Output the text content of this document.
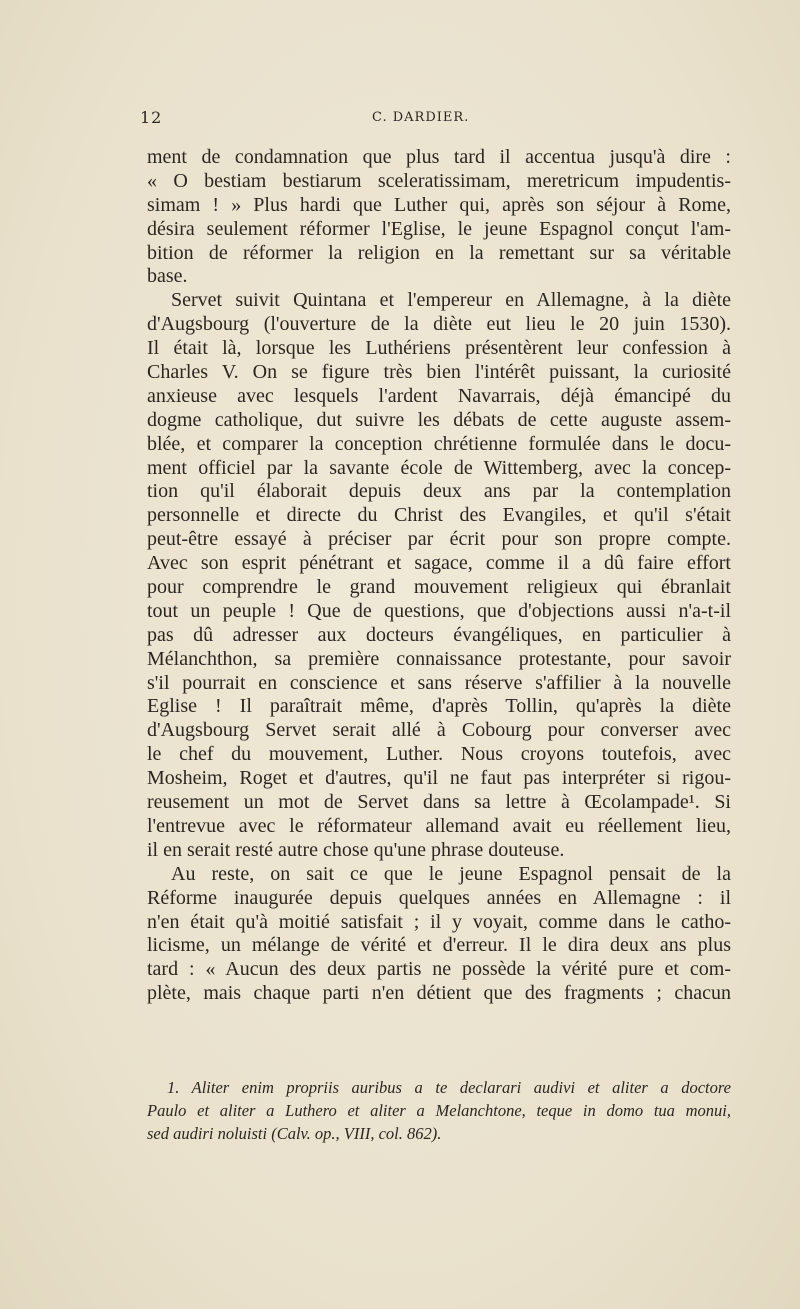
12	C. DARDIER.
ment de condamnation que plus tard il accentua jusqu'à dire :
« O bestiam bestiarum sceleratissimam, meretricum impudentis-
simam ! » Plus hardi que Luther qui, après son séjour à Rome,
désira seulement réformer l'Eglise, le jeune Espagnol conçut l'am-
bition de réformer la religion en la remettant sur sa véritable
base.
Servet suivit Quintana et l'empereur en Allemagne, à la diète
d'Augsbourg (l'ouverture de la diète eut lieu le 20 juin 1530).
Il était là, lorsque les Luthériens présentèrent leur confession à
Charles V. On se figure très bien l'intérêt puissant, la curiosité
anxieuse avec lesquels l'ardent Navarrais, déjà émancipé du
dogme catholique, dut suivre les débats de cette auguste assem-
blée, et comparer la conception chrétienne formulée dans le docu-
ment officiel par la savante école de Wittemberg, avec la concep-
tion qu'il élaborait depuis deux ans par la contemplation
personnelle et directe du Christ des Evangiles, et qu'il s'était
peut-être essayé à préciser par écrit pour son propre compte.
Avec son esprit pénétrant et sagace, comme il a dû faire effort
pour comprendre le grand mouvement religieux qui ébranlait
tout un peuple ! Que de questions, que d'objections aussi n'a-t-il
pas dû adresser aux docteurs évangéliques, en particulier à
Mélanchthon, sa première connaissance protestante, pour savoir
s'il pourrait en conscience et sans réserve s'affilier à la nouvelle
Eglise ! Il paraîtrait même, d'après Tollin, qu'après la diète
d'Augsbourg Servet serait allé à Cobourg pour converser avec
le chef du mouvement, Luther. Nous croyons toutefois, avec
Mosheim, Roget et d'autres, qu'il ne faut pas interpréter si rigou-
reusement un mot de Servet dans sa lettre à Œcolampade¹. Si
l'entrevue avec le réformateur allemand avait eu réellement lieu,
il en serait resté autre chose qu'une phrase douteuse.
Au reste, on sait ce que le jeune Espagnol pensait de la
Réforme inaugurée depuis quelques années en Allemagne : il
n'en était qu'à moitié satisfait ; il y voyait, comme dans le catho-
licisme, un mélange de vérité et d'erreur. Il le dira deux ans plus
tard : « Aucun des deux partis ne possède la vérité pure et com-
plète, mais chaque parti n'en détient que des fragments ; chacun
1. Aliter enim propriis auribus a te declarari audivi et aliter a doctore
Paulo et aliter a Luthero et aliter a Melanchtone, teque in domo tua monui,
sed audiri noluisti (Calv. op., VIII, col. 862).
